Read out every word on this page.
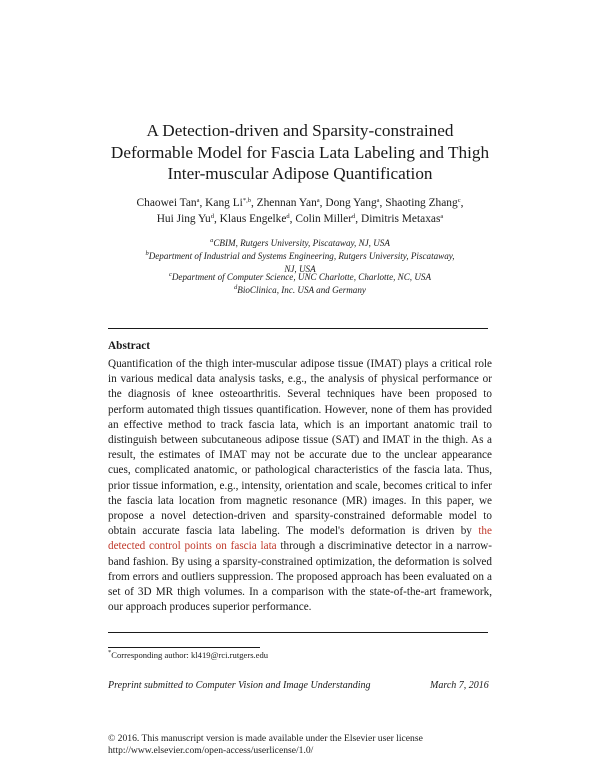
A Detection-driven and Sparsity-constrained
Deformable Model for Fascia Lata Labeling and Thigh
Inter-muscular Adipose Quantification
Chaowei Tan$^a$, Kang $Li^{*,b}$, Zhennan Yan$^a$, Dong Yang$^a$, Shaoting Zhang$^c$,
Hui Jing Yu$^d$, Klaus Engelke$^d$, Colin Miller$^d$, Dimitris Metaxas$^a$
$^a$CBIM, Rutgers University, Piscataway, NJ, USA
$^b$Department of Industrial and Systems Engineering, Rutgers University, Piscataway,
NJ, USA
$^c$Department of Computer Science, UNC Charlotte, Charlotte, NC, USA
$^d$BioClinica, Inc. USA and Germany
Abstract
Quantification of the thigh inter-muscular adipose tissue (IMAT) plays a critical role in various medical data analysis tasks, e.g., the analysis of physical performance or the diagnosis of knee osteoarthritis. Several techniques have been proposed to perform automated thigh tissues quantification. However, none of them has provided an effective method to track fascia lata, which is an important anatomic trail to distinguish between subcutaneous adipose tissue (SAT) and IMAT in the thigh. As a result, the estimates of IMAT may not be accurate due to the unclear appearance cues, complicated anatomic, or pathological characteristics of the fascia lata. Thus, prior tissue information, e.g., intensity, orientation and scale, becomes critical to infer the fascia lata location from magnetic resonance (MR) images. In this paper, we propose a novel detection-driven and sparsity-constrained deformable model to obtain accurate fascia lata labeling. The model's deformation is driven by the detected control points on fascia lata through a discriminative detector in a narrow-band fashion. By using a sparsity-constrained optimization, the deformation is solved from errors and outliers suppression. The proposed approach has been evaluated on a set of 3D MR thigh volumes. In a comparison with the state-of-the-art framework, our approach produces superior performance.
*Corresponding author: kl419@rci.rutgers.edu
Preprint submitted to Computer Vision and Image Understanding	March 7, 2016
© 2016. This manuscript version is made available under the Elsevier user license
http://www.elsevier.com/open-access/userlicense/1.0/
